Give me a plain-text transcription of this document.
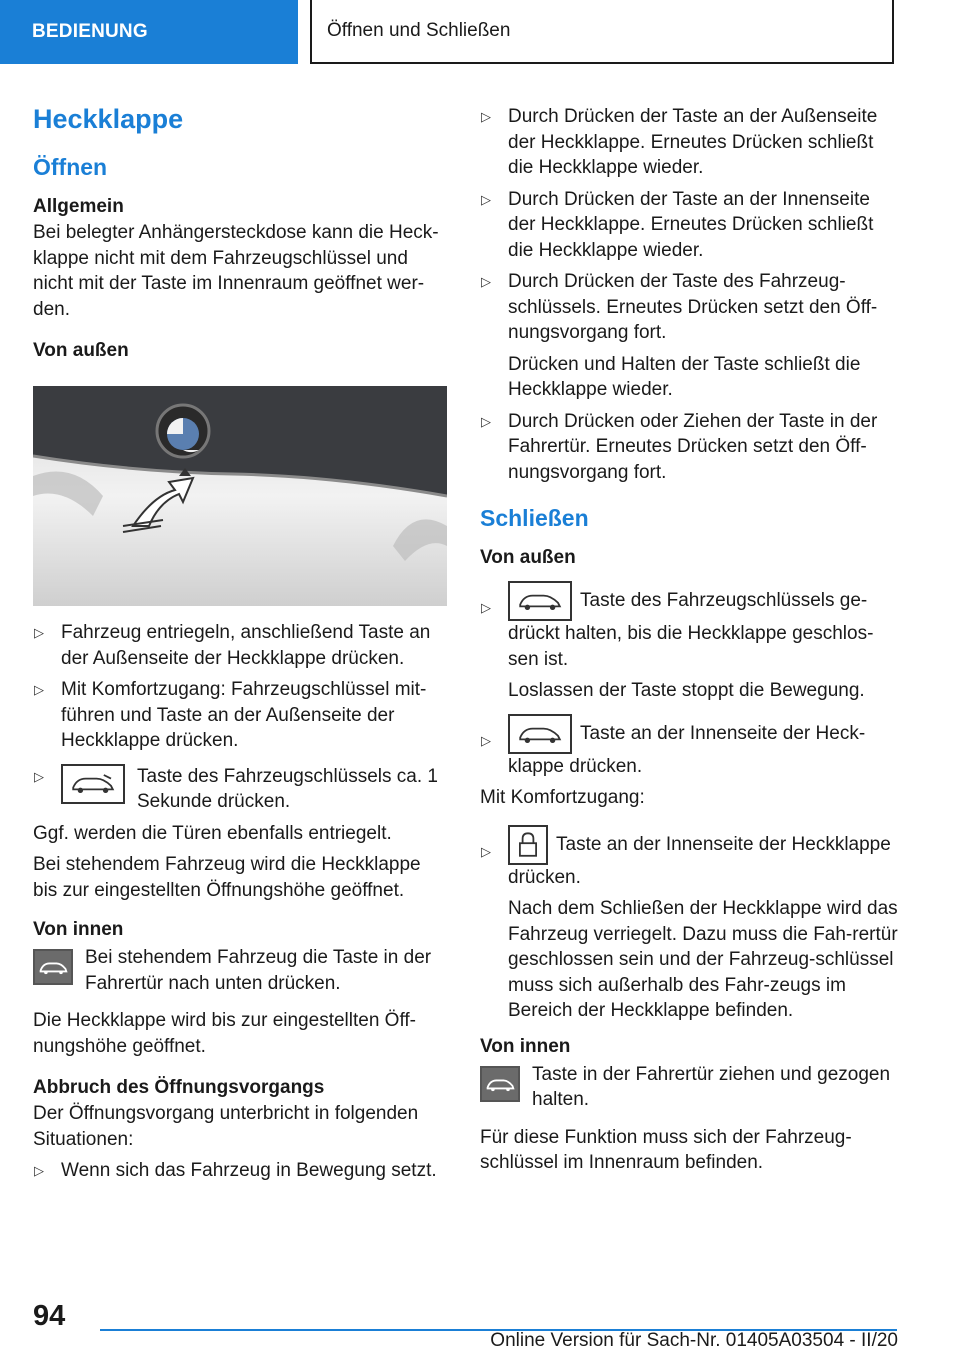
BEDIENUNG	Öffnen und Schließen
Heckklappe
Öffnen
Allgemein

Bei belegter Anhängersteckdose kann die Heck‐klappe nicht mit dem Fahrzeugschlüssel und nicht mit der Taste im Innenraum geöffnet wer‐den.

Von außen
▷ Fahrzeug entriegeln, anschließend Taste an der Außenseite der Heckklappe drücken.
▷ Mit Komfortzugang: Fahrzeugschlüssel mit‐führen und Taste an der Außenseite der Heckklappe drücken.
▷	Taste des Fahrzeugschlüssels ca. 1 Sekunde drücken.

Ggf. werden die Türen ebenfalls entriegelt.

Bei stehendem Fahrzeug wird die Heckklappe bis zur eingestellten Öffnungshöhe geöffnet.

Von innen

Bei stehendem Fahrzeug die Taste in der Fahrertür nach unten drücken.

Die Heckklappe wird bis zur eingestellten Öff‐nungshöhe geöffnet.

Abbruch des Öffnungsvorgangs

Der Öffnungsvorgang unterbricht in folgenden Situationen:

▷ Wenn sich das Fahrzeug in Bewegung setzt.
▷ Durch Drücken der Taste an der Außenseite der Heckklappe. Erneutes Drücken schließt die Heckklappe wieder.
▷ Durch Drücken der Taste an der Innenseite der Heckklappe. Erneutes Drücken schließt die Heckklappe wieder.
▷ Durch Drücken der Taste des Fahrzeug‐schlüssels. Erneutes Drücken setzt den Öff‐nungsvorgang fort.

Drücken und Halten der Taste schließt die Heckklappe wieder.

▷ Durch Drücken oder Ziehen der Taste in der Fahrertür. Erneutes Drücken setzt den Öff‐nungsvorgang fort.
Schließen
Von außen
▷	Taste des Fahrzeugschlüssels ge‐drückt halten, bis die Heckklappe geschlos‐sen ist.

Loslassen der Taste stoppt die Bewegung.

▷	Taste an der Innenseite der Heck‐klappe drücken.

Mit Komfortzugang:

▷	Taste an der Innenseite der Heckklappe drücken.

Nach dem Schließen der Heckklappe wird das Fahrzeug verriegelt. Dazu muss die Fah‐rertür geschlossen sein und der Fahrzeug‐schlüssel muss sich außerhalb des Fahr‐zeugs im Bereich der Heckklappe befinden.

Von innen

Taste in der Fahrertür ziehen und gezogen halten.

Für diese Funktion muss sich der Fahrzeug‐schlüssel im Innenraum befinden.

94
Online Version für Sach-Nr. 01405A03504 - II/20
